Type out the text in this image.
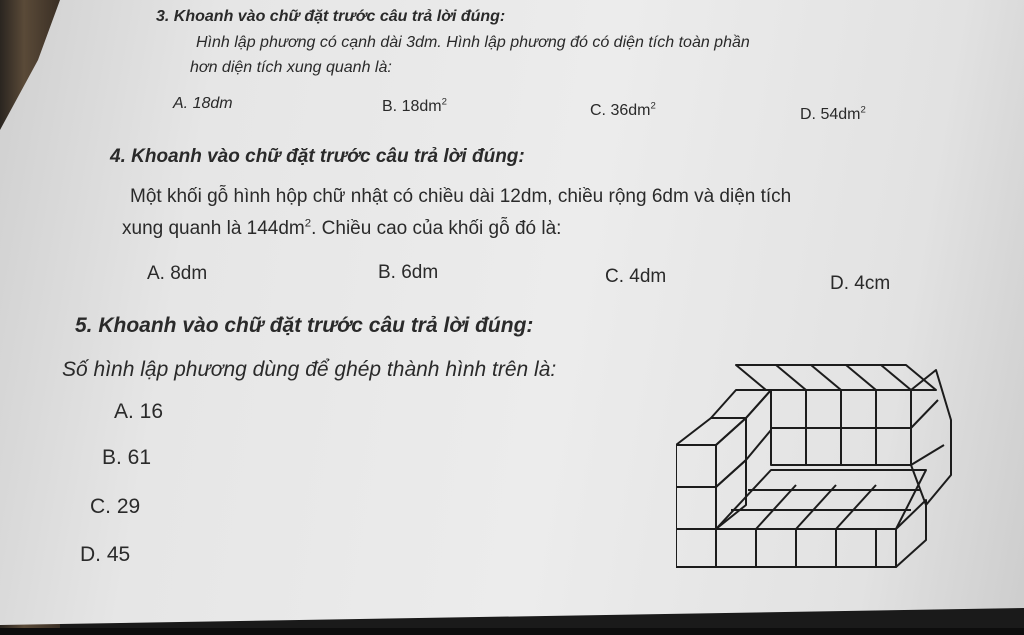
3. Khoanh vào chữ đặt trước câu trả lời đúng:
Hình lập phương có cạnh dài 3dm. Hình lập phương đó có diện tích toàn phần
hơn diện tích xung quanh là:
A. 18dm	B. $18dm^2$	C. $36dm^2$	D. $54dm^2$
4. Khoanh vào chữ đặt trước câu trả lời đúng:
Một khối gỗ hình hộp chữ nhật có chiều dài 12dm, chiều rộng 6dm và diện tích
xung quanh là $144dm^2$. Chiều cao của khối gỗ đó là:
A. 8dm	B. 6dm	C. 4dm	D. 4cm
5. Khoanh vào chữ đặt trước câu trả lời đúng:
Số hình lập phương dùng để ghép thành hình trên là:
A. 16
B. 61
C. 29
D. 45
